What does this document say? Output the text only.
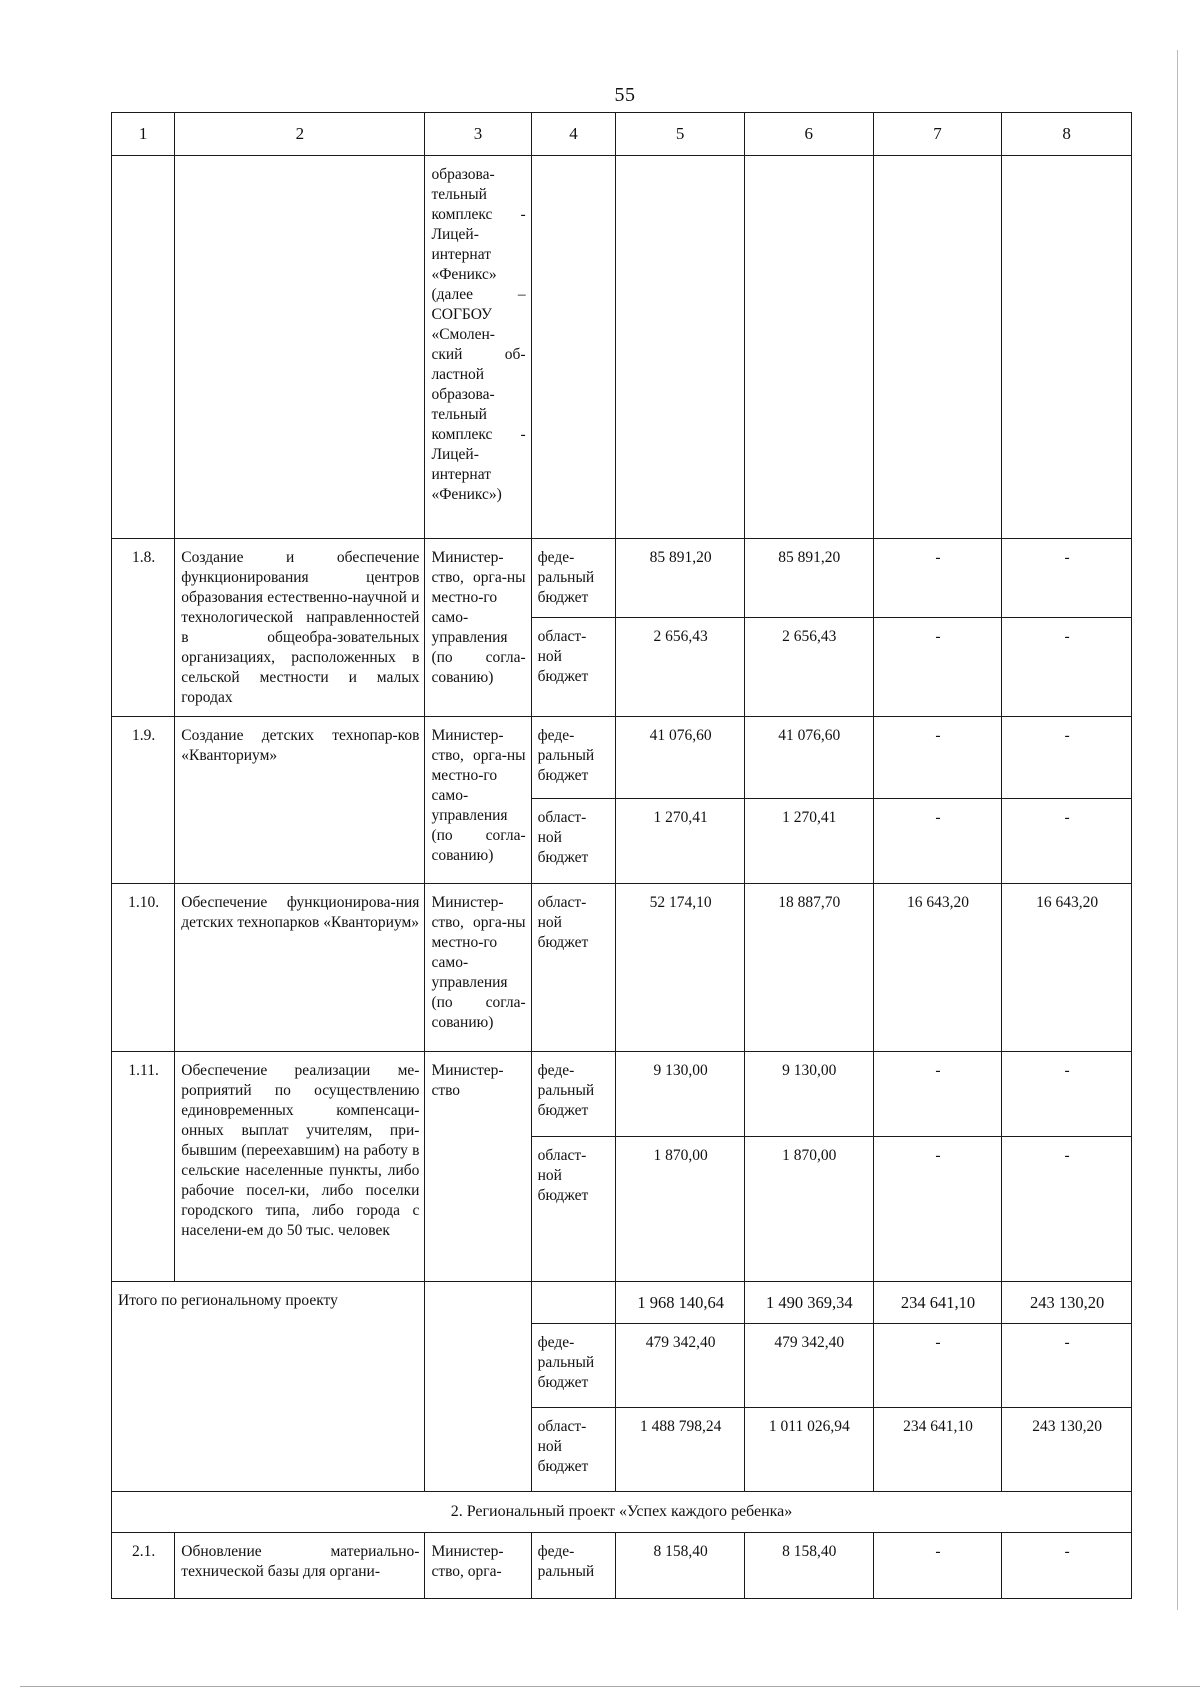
55
1	2	3	4	5	6	7	8
		образова-тельный комплекс - Лицей-интернат «Феникс» (далее – СОГБОУ «Смолен-ский об-ластной образова-тельный комплекс - Лицей-интернат «Феникс»)					
1.8.	Создание и обеспечение функционирования центров образования естественно-научной и технологической направленностей в общеобра-зовательных организациях, расположенных в сельской местности и малых городах	Министер-ство, орга-ны местно-го само-управления (по согла-сованию)	феде-ральный бюджет	85 891,20	85 891,20	-	-
			област-ной бюджет	2 656,43	2 656,43	-	-
1.9.	Создание детских технопар-ков «Кванториум»	Министер-ство, орга-ны местно-го само-управления (по согла-сованию)	феде-ральный бюджет	41 076,60	41 076,60	-	-
			област-ной бюджет	1 270,41	1 270,41	-	-
1.10.	Обеспечение функционирова-ния детских технопарков «Кванториум»	Министер-ство, орга-ны местно-го само-управления (по согла-сованию)	област-ной бюджет	52 174,10	18 887,70	16 643,20	16 643,20
1.11.	Обеспечение реализации ме-роприятий по осуществлению единовременных компенсаци-онных выплат учителям, при-бывшим (переехавшим) на работу в сельские населенные пункты, либо рабочие посел-ки, либо поселки городского типа, либо города с населени-ем до 50 тыс. человек	Министер-ство	феде-ральный бюджет	9 130,00	9 130,00	-	-
			област-ной бюджет	1 870,00	1 870,00	-	-
Итого по региональному проекту				1 968 140,64	1 490 369,34	234 641,10	243 130,20
			феде-ральный бюджет	479 342,40	479 342,40	-	-
			област-ной бюджет	1 488 798,24	1 011 026,94	234 641,10	243 130,20
2. Региональный проект «Успех каждого ребенка»							
2.1.	Обновление материально-технической базы для органи-	Министер-ство, орга-	феде-ральный	8 158,40	8 158,40	-	-
